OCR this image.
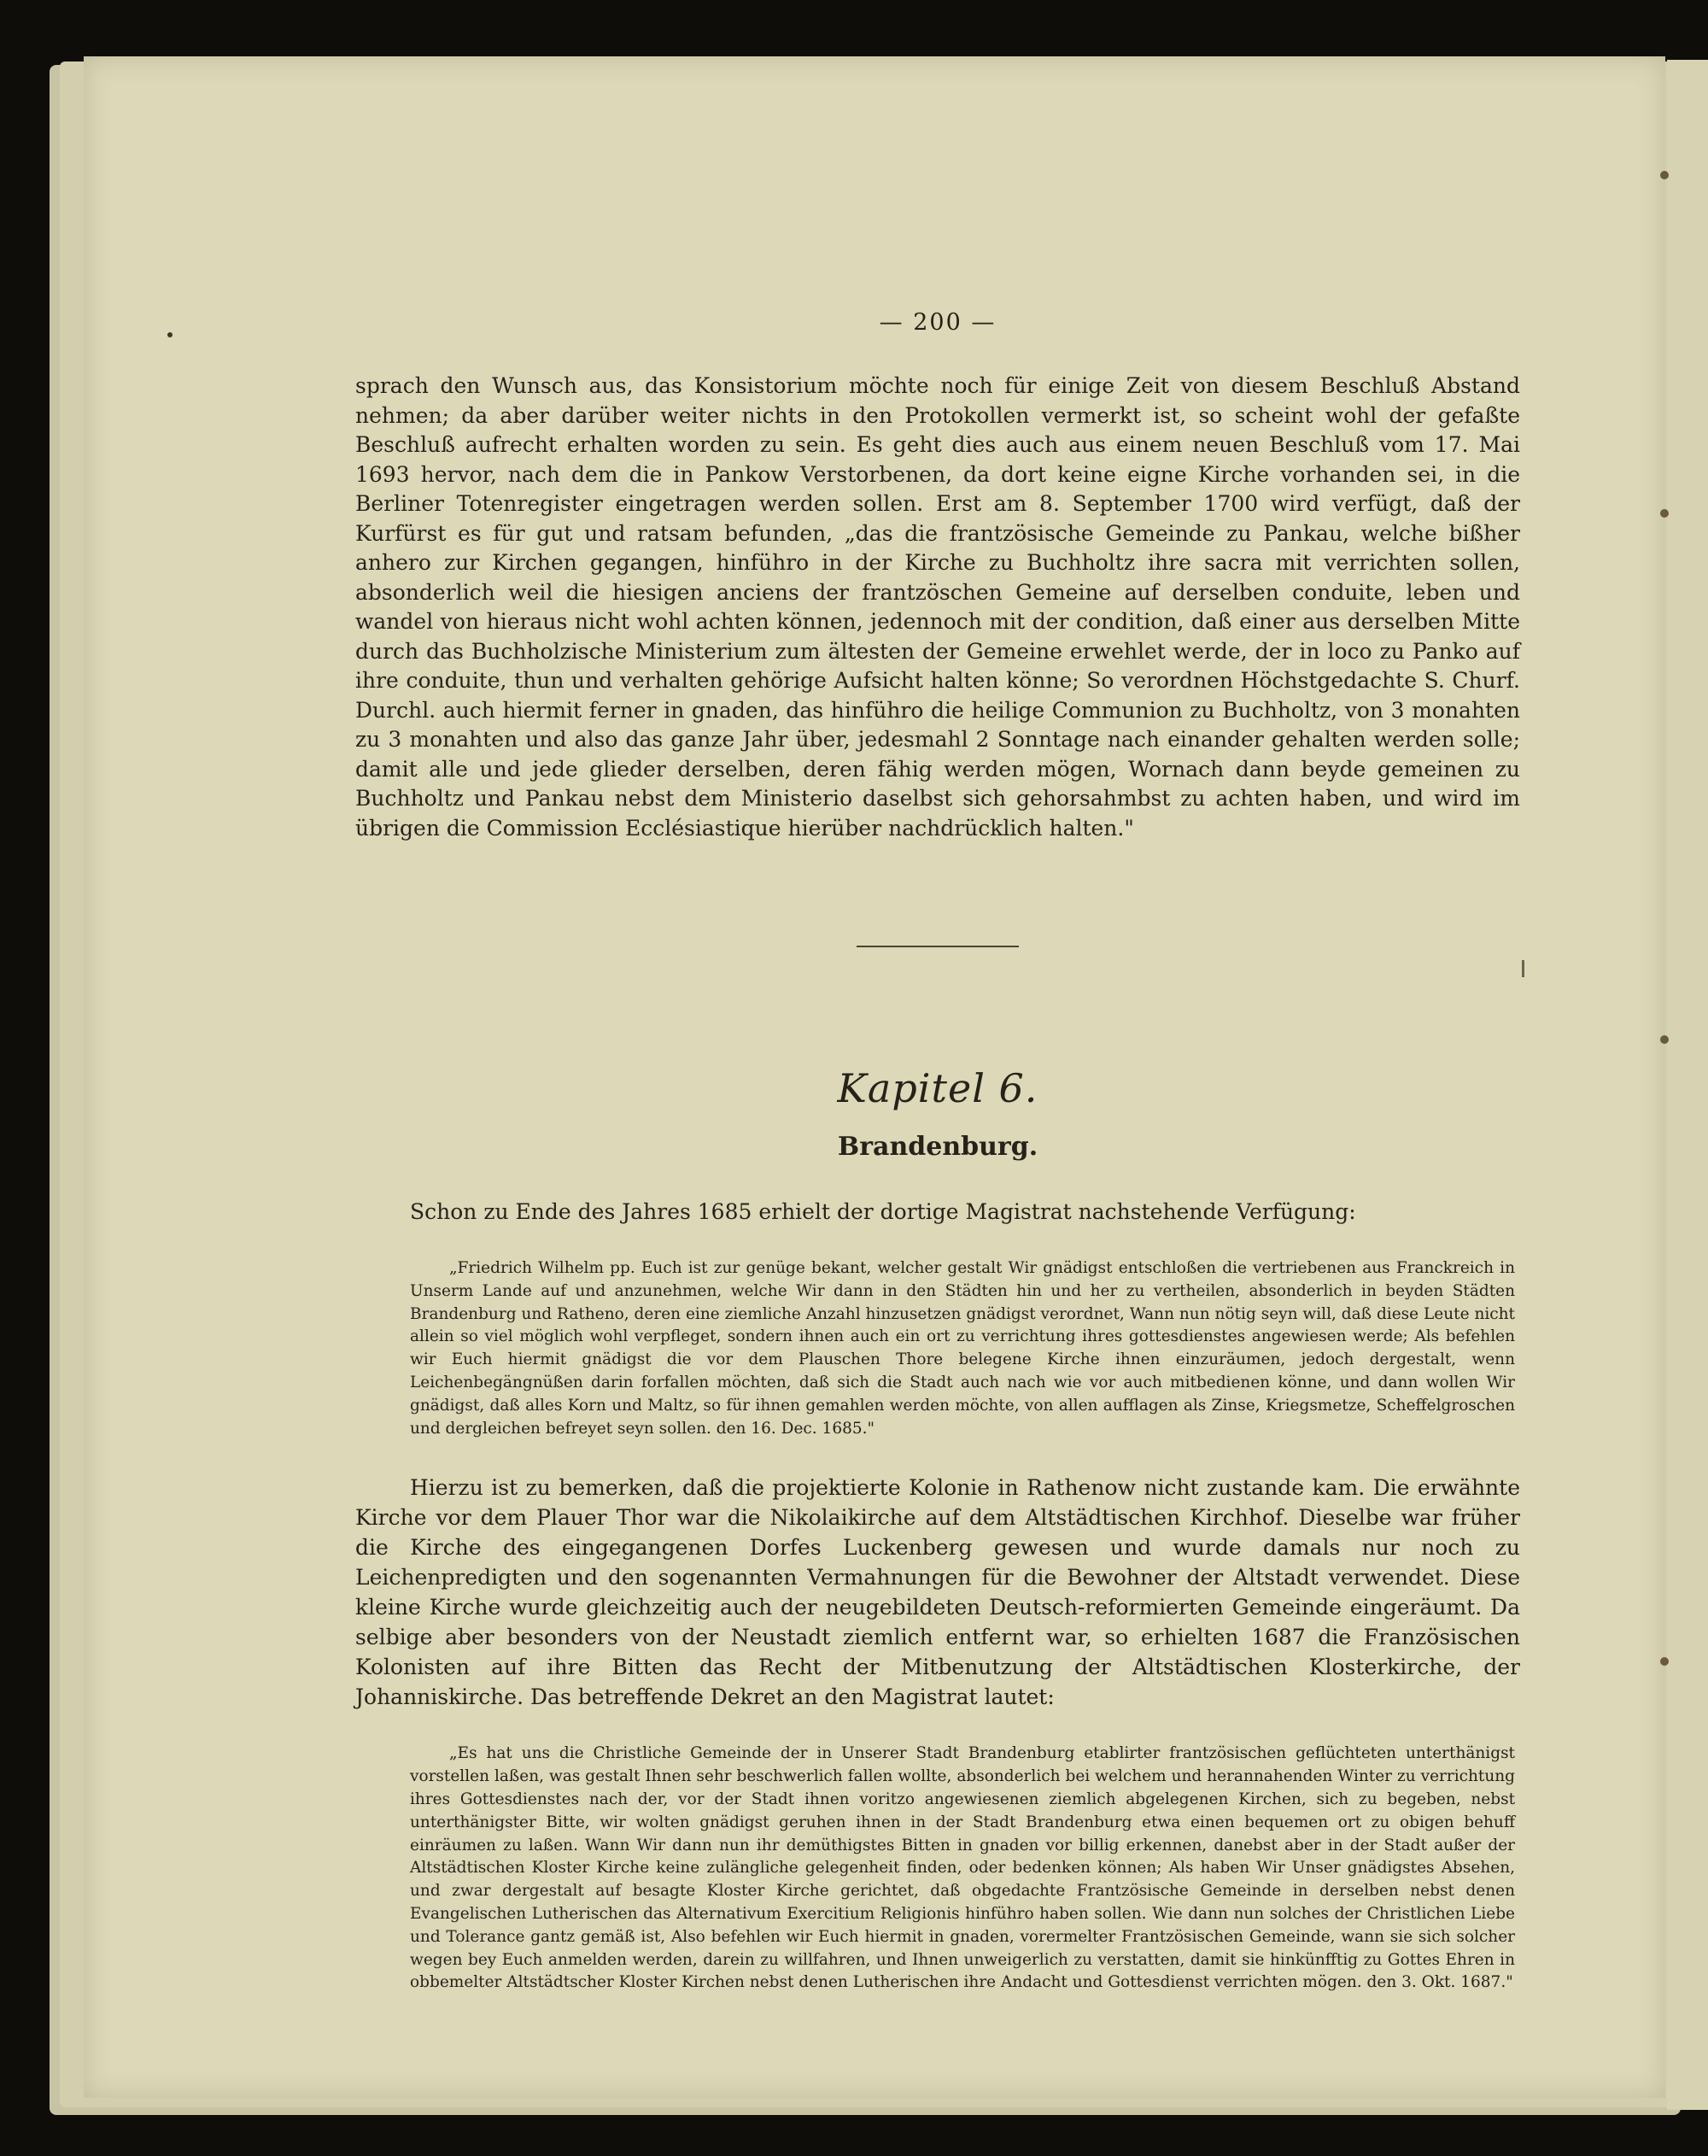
— 200 —

sprach den Wunsch aus, das Konsistorium möchte noch für einige Zeit von diesem Beschluß Abstand nehmen; da aber darüber weiter nichts in den Protokollen vermerkt ist, so scheint wohl der gefaßte Beschluß aufrecht erhalten worden zu sein. Es geht dies auch aus einem neuen Beschluß vom 17. Mai 1693 hervor, nach dem die in Pankow Verstorbenen, da dort keine eigne Kirche vorhanden sei, in die Berliner Totenregister eingetragen werden sollen. Erst am 8. September 1700 wird verfügt, daß der Kurfürst es für gut und ratsam befunden, „das die frantzösische Gemeinde zu Pankau, welche bißher anhero zur Kirchen gegangen, hinführo in der Kirche zu Buchholtz ihre sacra mit verrichten sollen, absonderlich weil die hiesigen anciens der frantzöschen Gemeine auf derselben conduite, leben und wandel von hieraus nicht wohl achten können, jedennoch mit der condition, daß einer aus derselben Mitte durch das Buchholzische Ministerium zum ältesten der Gemeine erwehlet werde, der in loco zu Panko auf ihre conduite, thun und verhalten gehörige Aufsicht halten könne; So verordnen Höchstgedachte S. Churf. Durchl. auch hiermit ferner in gnaden, das hinführo die heilige Communion zu Buchholtz, von 3 monahten zu 3 monahten und also das ganze Jahr über, jedesmahl 2 Sonntage nach einander gehalten werden solle; damit alle und jede glieder derselben, deren fähig werden mögen, Wornach dann beyde gemeinen zu Buchholtz und Pankau nebst dem Ministerio daselbst sich gehorsahmbst zu achten haben, und wird im übrigen die Commission Ecclésiastique hierüber nachdrücklich halten."

Kapitel 6.
Brandenburg.

Schon zu Ende des Jahres 1685 erhielt der dortige Magistrat nachstehende Verfügung:

„Friedrich Wilhelm pp. Euch ist zur genüge bekant, welcher gestalt Wir gnädigst entschloßen die vertriebenen aus Franckreich in Unserm Lande auf und anzunehmen, welche Wir dann in den Städten hin und her zu vertheilen, absonderlich in beyden Städten Brandenburg und Ratheno, deren eine ziemliche Anzahl hinzusetzen gnädigst verordnet, Wann nun nötig seyn will, daß diese Leute nicht allein so viel möglich wohl verpfleget, sondern ihnen auch ein ort zu verrichtung ihres gottesdienstes angewiesen werde; Als befehlen wir Euch hiermit gnädigst die vor dem Plauschen Thore belegene Kirche ihnen einzuräumen, jedoch dergestalt, wenn Leichenbegängnüßen darin forfallen möchten, daß sich die Stadt auch nach wie vor auch mitbedienen könne, und dann wollen Wir gnädigst, daß alles Korn und Maltz, so für ihnen gemahlen werden möchte, von allen aufflagen als Zinse, Kriegsmetze, Scheffelgroschen und dergleichen befreyet seyn sollen. den 16. Dec. 1685."

Hierzu ist zu bemerken, daß die projektierte Kolonie in Rathenow nicht zustande kam. Die erwähnte Kirche vor dem Plauer Thor war die Nikolaikirche auf dem Altstädtischen Kirchhof. Dieselbe war früher die Kirche des eingegangenen Dorfes Luckenberg gewesen und wurde damals nur noch zu Leichenpredigten und den sogenannten Vermahnungen für die Bewohner der Altstadt verwendet. Diese kleine Kirche wurde gleichzeitig auch der neugebildeten Deutsch-reformierten Gemeinde eingeräumt. Da selbige aber besonders von der Neustadt ziemlich entfernt war, so erhielten 1687 die Französischen Kolonisten auf ihre Bitten das Recht der Mitbenutzung der Altstädtischen Klosterkirche, der Johanniskirche. Das betreffende Dekret an den Magistrat lautet:

„Es hat uns die Christliche Gemeinde der in Unserer Stadt Brandenburg etablirter frantzösischen geflüchteten unterthänigst vorstellen laßen, was gestalt Ihnen sehr beschwerlich fallen wollte, absonderlich bei welchem und herannahenden Winter zu verrichtung ihres Gottesdienstes nach der, vor der Stadt ihnen voritzo angewiesenen ziemlich abgelegenen Kirchen, sich zu begeben, nebst unterthänigster Bitte, wir wolten gnädigst geruhen ihnen in der Stadt Brandenburg etwa einen bequemen ort zu obigen behuff einräumen zu laßen. Wann Wir dann nun ihr demüthigstes Bitten in gnaden vor billig erkennen, danebst aber in der Stadt außer der Altstädtischen Kloster Kirche keine zulängliche gelegenheit finden, oder bedenken können; Als haben Wir Unser gnädigstes Absehen, und zwar dergestalt auf besagte Kloster Kirche gerichtet, daß obgedachte Frantzösische Gemeinde in derselben nebst denen Evangelischen Lutherischen das Alternativum Exercitium Religionis hinführo haben sollen. Wie dann nun solches der Christlichen Liebe und Tolerance gantz gemäß ist, Also befehlen wir Euch hiermit in gnaden, vorermelter Frantzösischen Gemeinde, wann sie sich solcher wegen bey Euch anmelden werden, darein zu willfahren, und Ihnen unweigerlich zu verstatten, damit sie hinkünfftig zu Gottes Ehren in obbemelter Altstädtscher Kloster Kirchen nebst denen Lutherischen ihre Andacht und Gottesdienst verrichten mögen. den 3. Okt. 1687."
